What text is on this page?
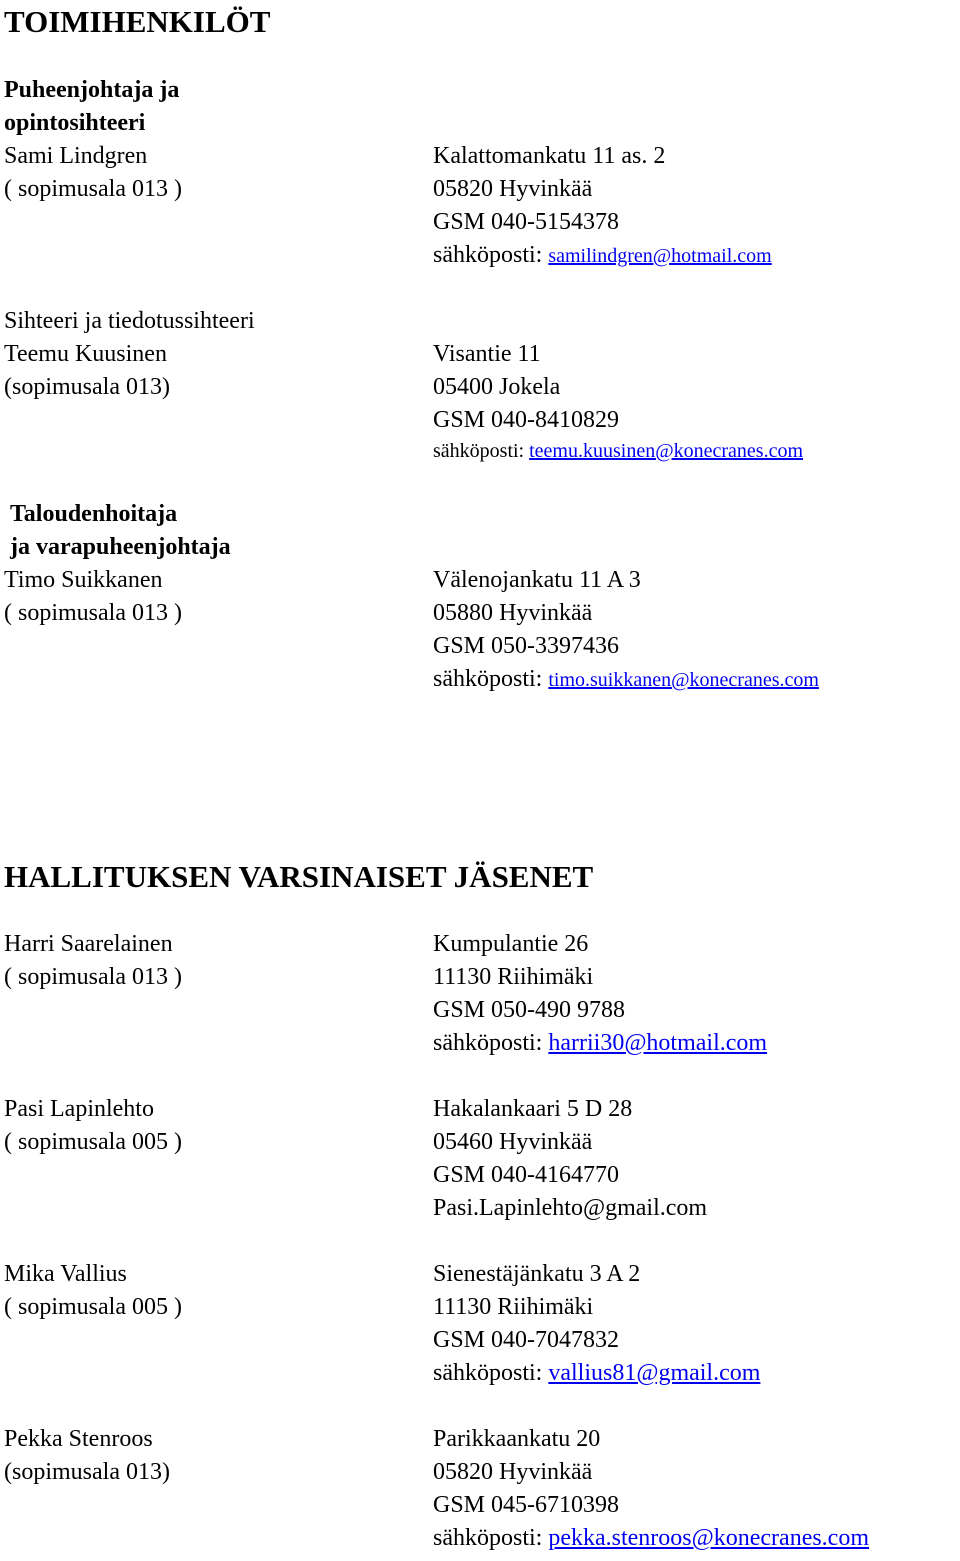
TOIMIHENKILÖT
Puheenjohtaja ja
opintosihteeri
Sami Lindgren
( sopimusala 013 )
Kalattomankatu 11 as. 2
05820 Hyvinkää
GSM 040-5154378
sähköposti: samilindgren@hotmail.com
Sihteeri ja tiedotussihteeri
Teemu Kuusinen
(sopimusala 013)
Visantie 11
05400 Jokela
GSM 040-8410829
sähköposti: teemu.kuusinen@konecranes.com
Taloudenhoitaja
ja varapuheenjohtaja
Timo Suikkanen
( sopimusala 013 )
Välenojankatu 11 A 3
05880 Hyvinkää
GSM 050-3397436
sähköposti: timo.suikkanen@konecranes.com
HALLITUKSEN VARSINAISET JÄSENET
Harri Saarelainen
( sopimusala 013 )
Kumpulantie 26
11130 Riihimäki
GSM 050-490 9788
sähköposti: harrii30@hotmail.com
Pasi Lapinlehto
( sopimusala 005 )
Hakalankaari 5 D 28
05460 Hyvinkää
GSM 040-4164770
Pasi.Lapinlehto@gmail.com
Mika Vallius
( sopimusala 005 )
Sienestäjänkatu 3 A 2
11130 Riihimäki
GSM 040-7047832
sähköposti: vallius81@gmail.com
Pekka Stenroos
(sopimusala 013)
Parikkaankatu 20
05820 Hyvinkää
GSM 045-6710398
sähköposti: pekka.stenroos@konecranes.com
